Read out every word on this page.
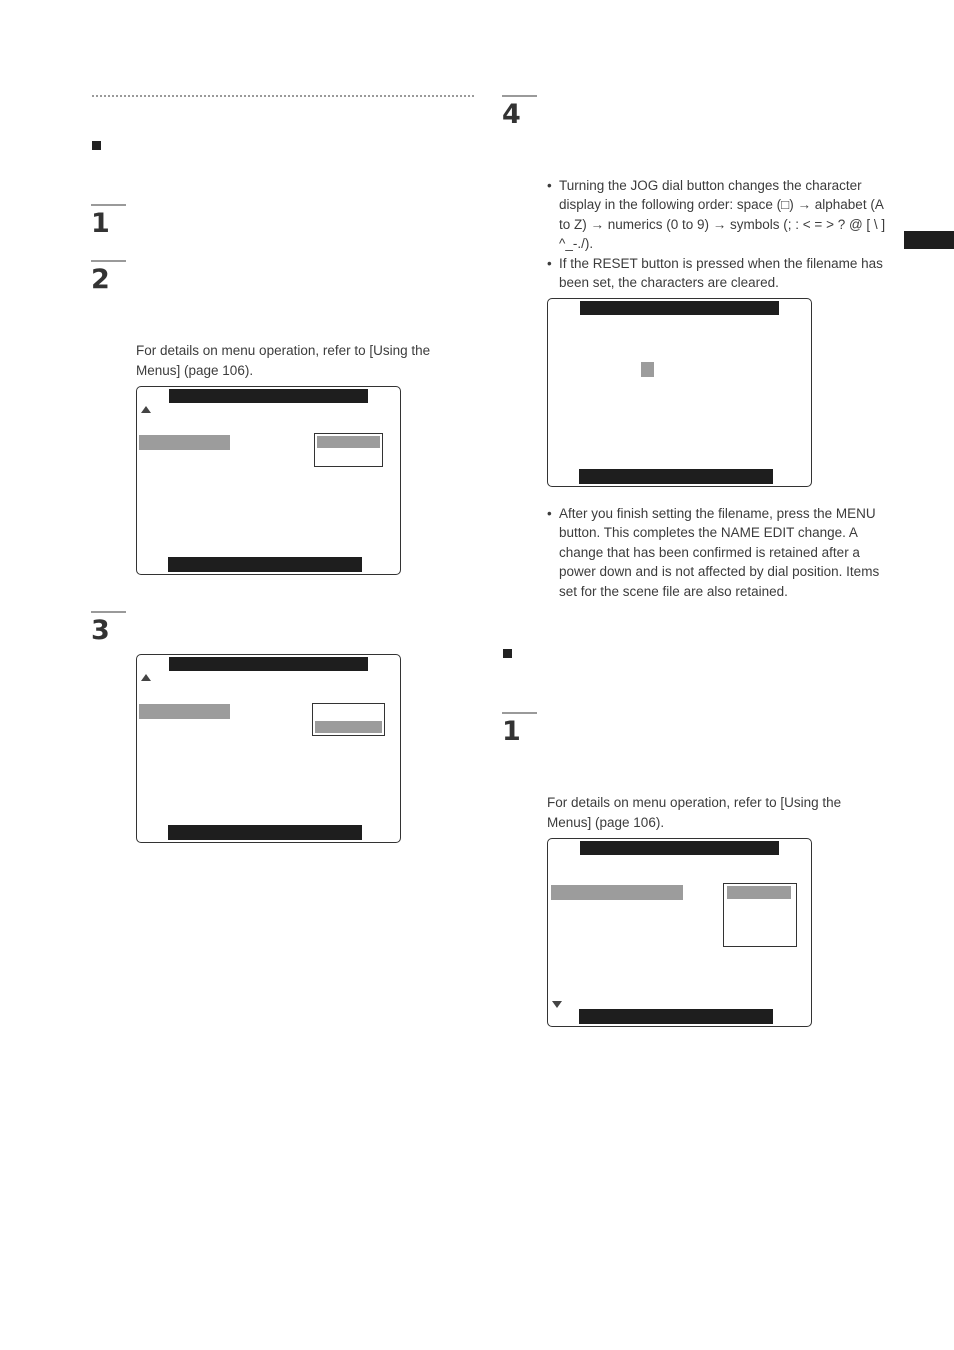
1
2
For details on menu operation, refer to [Using the Menus] (page 106).
3
4
• Turning the JOG dial button changes the character display in the following order: space (□) → alphabet (A to Z) → numerics (0 to 9) → symbols (; : < = > ? @ [ \ ] ^_-./).
• If the RESET button is pressed when the filename has been set, the characters are cleared.
• After you finish setting the filename, press the MENU button. This completes the NAME EDIT change. A change that has been confirmed is retained after a power down and is not affected by dial position. Items set for the scene file are also retained.
1
For details on menu operation, refer to [Using the Menus] (page 106).
